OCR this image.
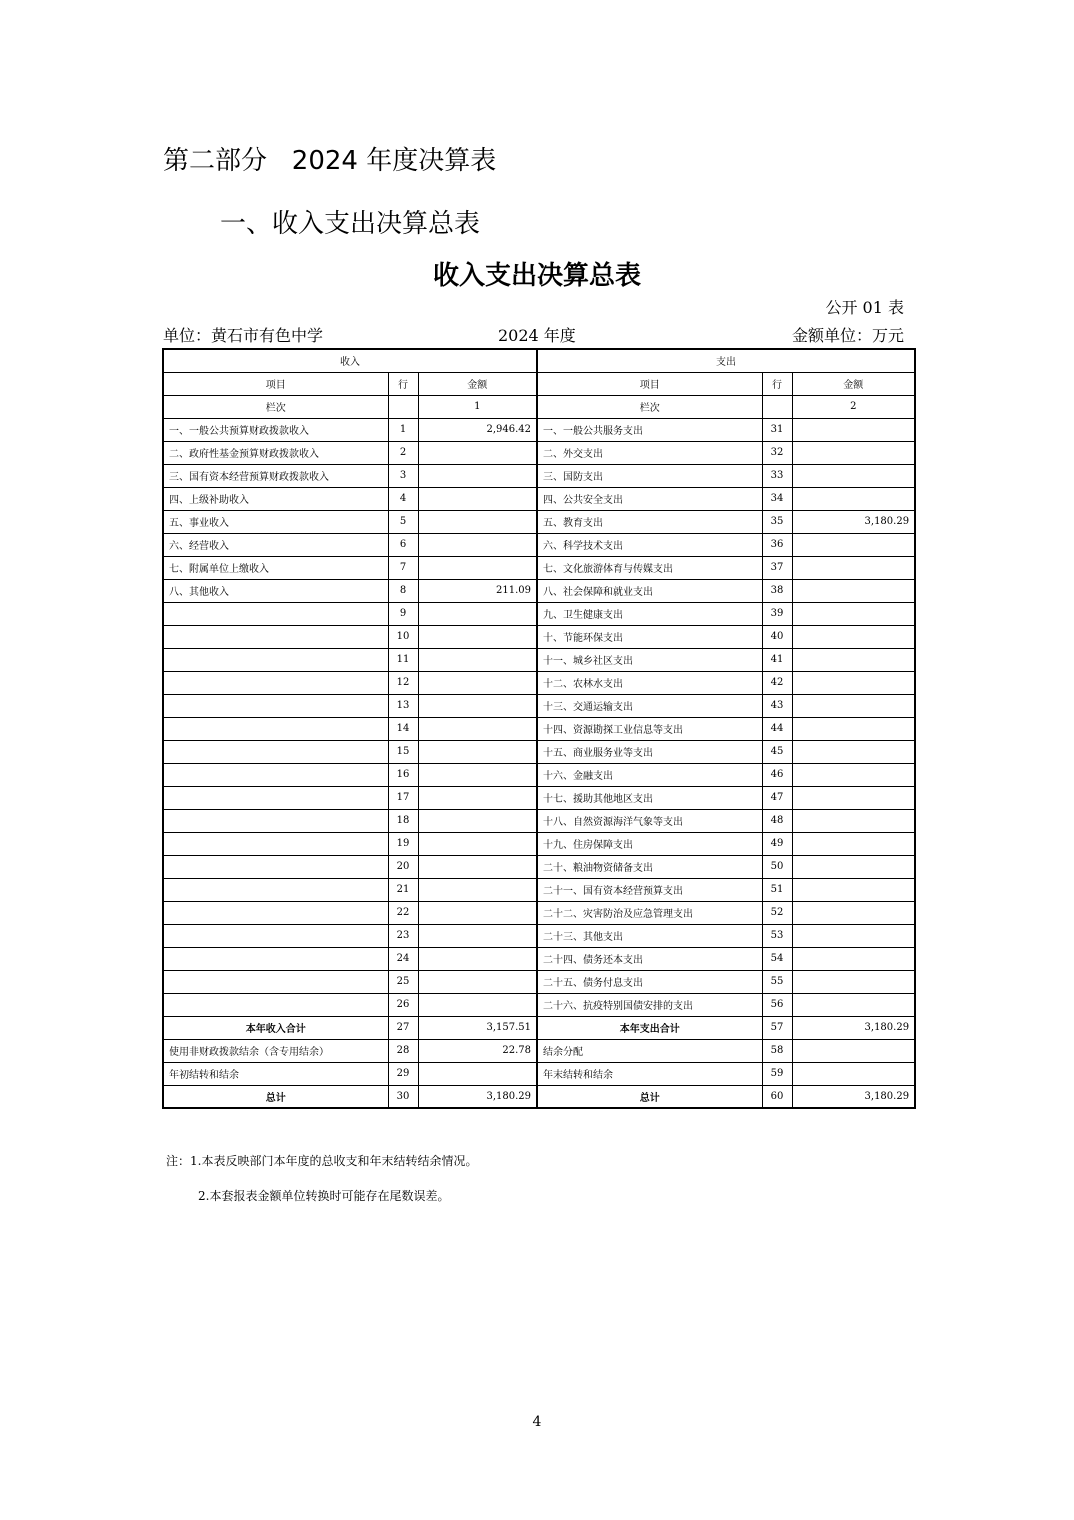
第二部分   2024 年度决算表
一、收入支出决算总表
收入支出决算总表
公开 01 表
单位：黄石市有色中学	2024 年度	金额单位：万元
收入			支出		
项目	行	金额	项目	行	金额
栏次		1	栏次		2
一、一般公共预算财政拨款收入	1	2,946.42	一、一般公共服务支出	31	
二、政府性基金预算财政拨款收入	2		二、外交支出	32	
三、国有资本经营预算财政拨款收入	3		三、国防支出	33	
四、上级补助收入	4		四、公共安全支出	34	
五、事业收入	5		五、教育支出	35	3,180.29
六、经营收入	6		六、科学技术支出	36	
七、附属单位上缴收入	7		七、文化旅游体育与传媒支出	37	
八、其他收入	8	211.09	八、社会保障和就业支出	38	
	9		九、卫生健康支出	39	
	10		十、节能环保支出	40	
	11		十一、城乡社区支出	41	
	12		十二、农林水支出	42	
	13		十三、交通运输支出	43	
	14		十四、资源勘探工业信息等支出	44	
	15		十五、商业服务业等支出	45	
	16		十六、金融支出	46	
	17		十七、援助其他地区支出	47	
	18		十八、自然资源海洋气象等支出	48	
	19		十九、住房保障支出	49	
	20		二十、粮油物资储备支出	50	
	21		二十一、国有资本经营预算支出	51	
	22		二十二、灾害防治及应急管理支出	52	
	23		二十三、其他支出	53	
	24		二十四、债务还本支出	54	
	25		二十五、债务付息支出	55	
	26		二十六、抗疫特别国债安排的支出	56	
本年收入合计	27	3,157.51	本年支出合计	57	3,180.29
使用非财政拨款结余（含专用结余）	28	22.78	结余分配	58	
年初结转和结余	29		年末结转和结余	59	
总计	30	3,180.29	总计	60	3,180.29
注：1.本表反映部门本年度的总收支和年末结转结余情况。
2.本套报表金额单位转换时可能存在尾数误差。
4
